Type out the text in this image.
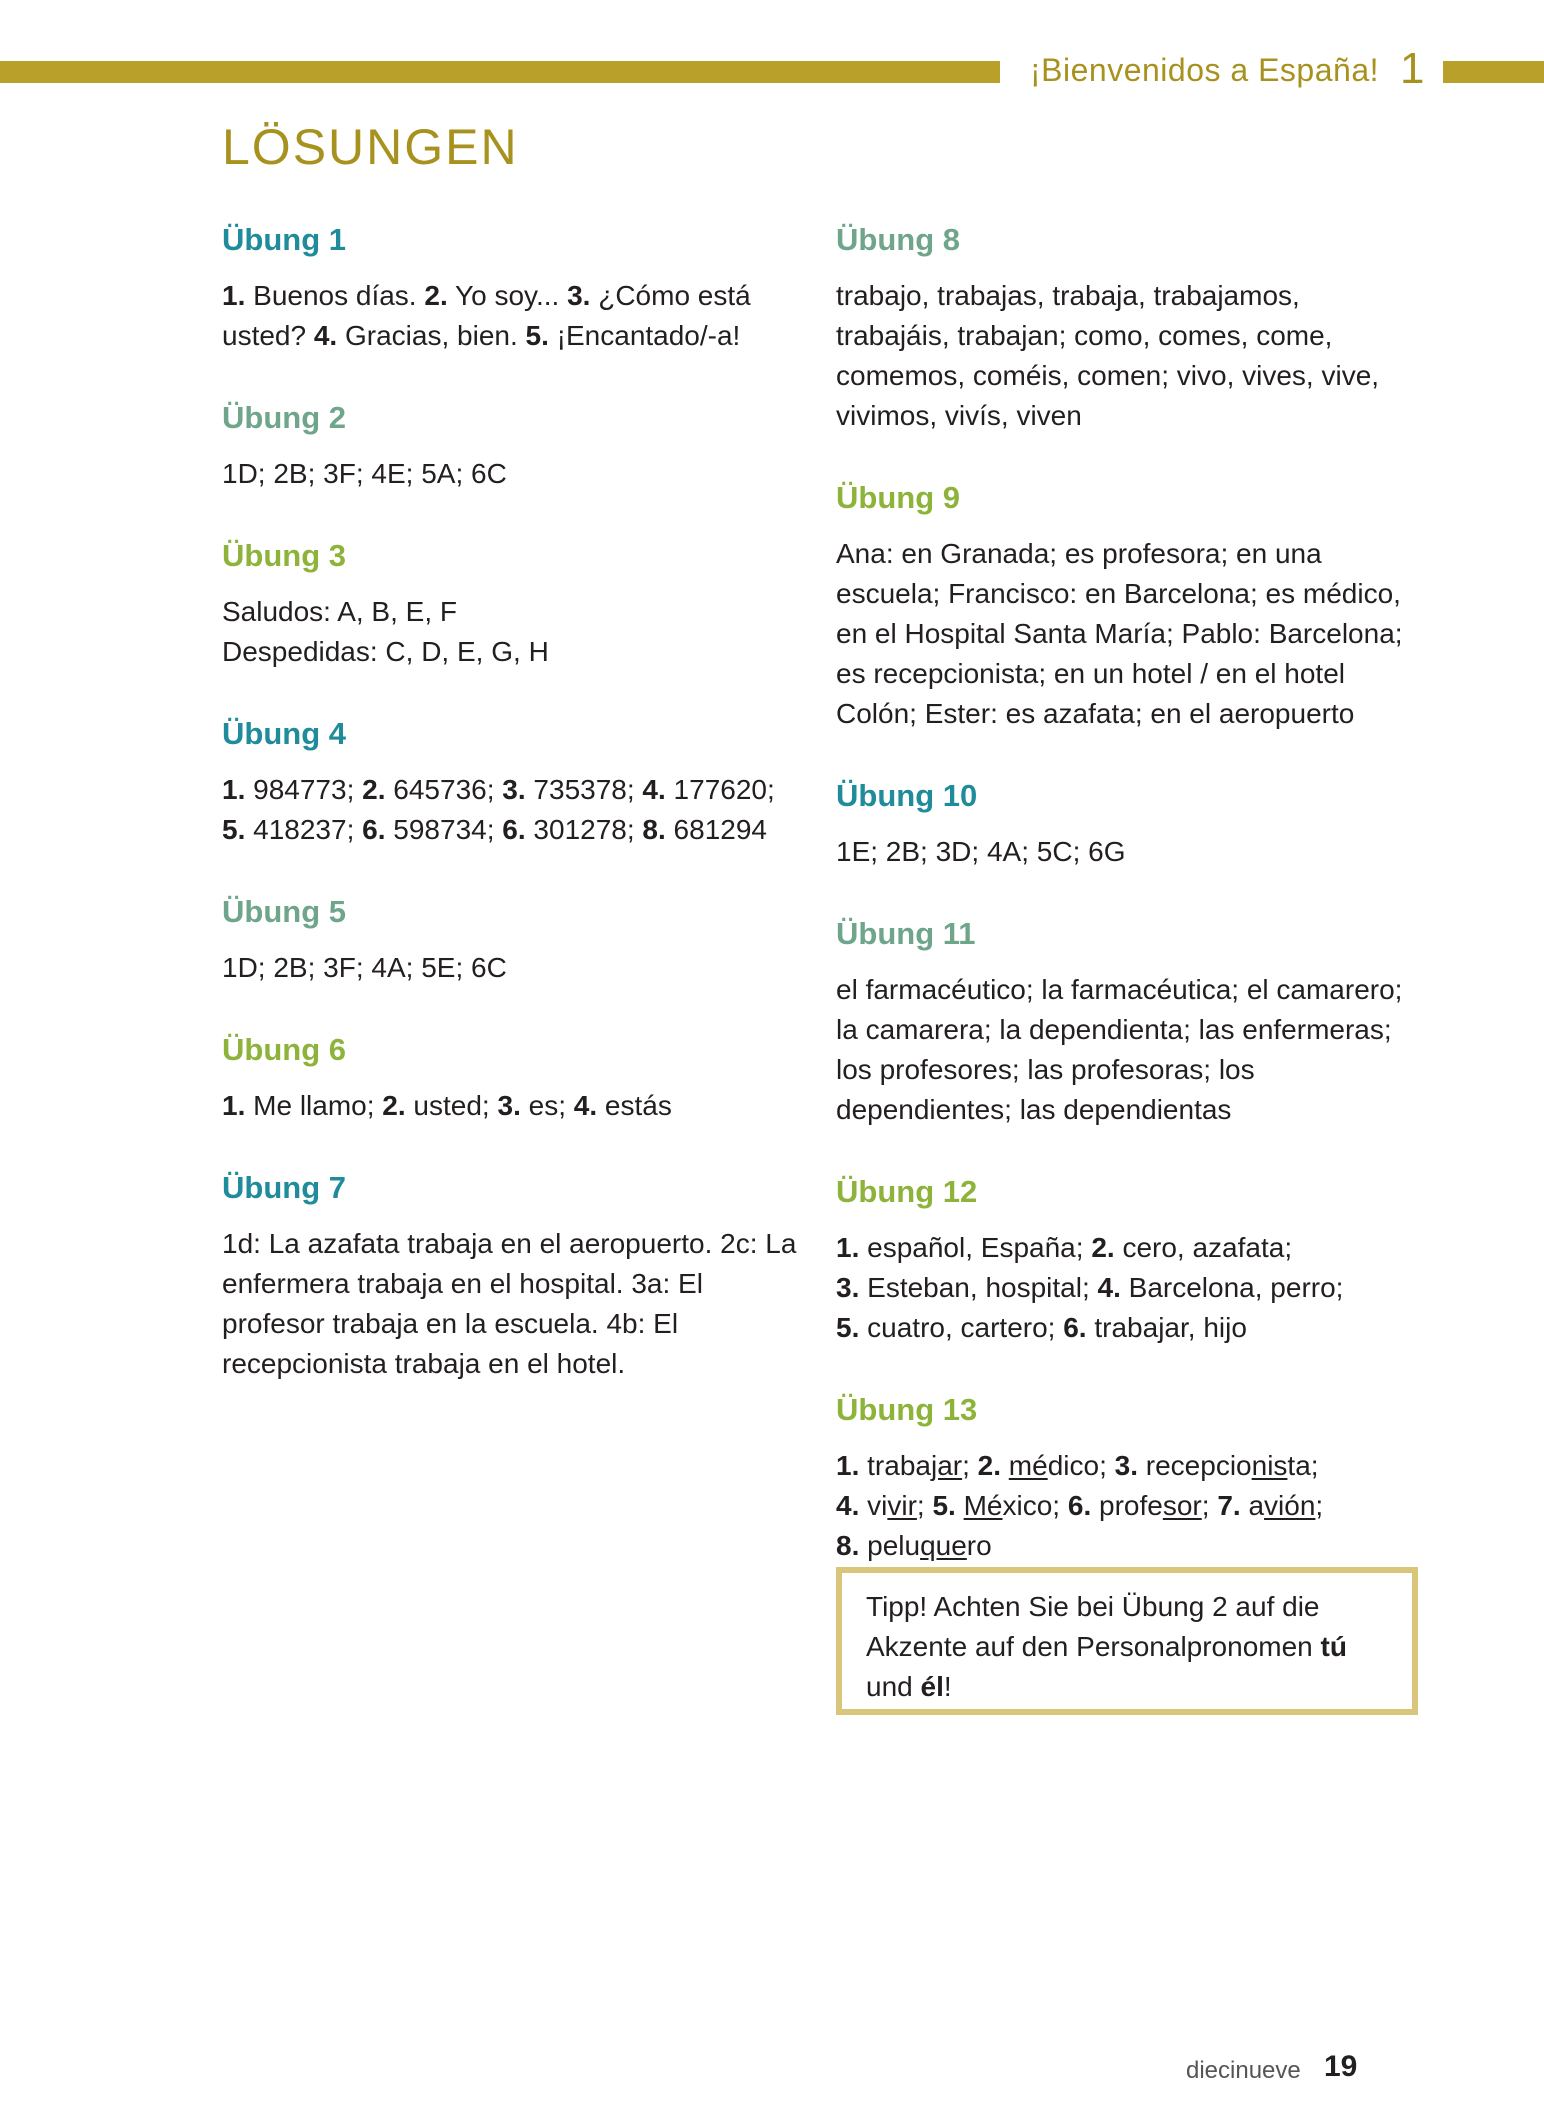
¡Bienvenidos a España! 1
LÖSUNGEN
Übung 1

1. Buenos días. 2. Yo soy... 3. ¿Cómo está
usted? 4. Gracias, bien. 5. ¡Encantado/-a!

Übung 2

1D; 2B; 3F; 4E; 5A; 6C

Übung 3

Saludos: A, B, E, F
Despedidas: C, D, E, G, H

Übung 4

1. 984773; 2. 645736; 3. 735378; 4. 177620;
5. 418237; 6. 598734; 6. 301278; 8. 681294

Übung 5

1D; 2B; 3F; 4A; 5E; 6C

Übung 6

1. Me llamo; 2. usted; 3. es; 4. estás

Übung 7

1d: La azafata trabaja en el aeropuerto. 2c: La
enfermera trabaja en el hospital. 3a: El
profesor trabaja en la escuela. 4b: El
recepcionista trabaja en el hotel.

Übung 8

trabajo, trabajas, trabaja, trabajamos,
trabajáis, trabajan; como, comes, come,
comemos, coméis, comen; vivo, vives, vive,
vivimos, vivís, viven

Übung 9

Ana: en Granada; es profesora; en una
escuela; Francisco: en Barcelona; es médico,
en el Hospital Santa María; Pablo: Barcelona;
es recepcionista; en un hotel / en el hotel
Colón; Ester: es azafata; en el aeropuerto

Übung 10

1E; 2B; 3D; 4A; 5C; 6G

Übung 11

el farmacéutico; la farmacéutica; el camarero;
la camarera; la dependienta; las enfermeras;
los profesores; las profesoras; los
dependientes; las dependientas

Übung 12

1. español, España; 2. cero, azafata;
3. Esteban, hospital; 4. Barcelona, perro;
5. cuatro, cartero; 6. trabajar, hijo

Übung 13

1. trabajar; 2. médico; 3. recepcionista;
4. vivir; 5. México; 6. profesor; 7. avión;
8. peluquero

Tipp! Achten Sie bei Übung 2 auf die
Akzente auf den Personalpronomen tú
und él!
diecinueve 19
